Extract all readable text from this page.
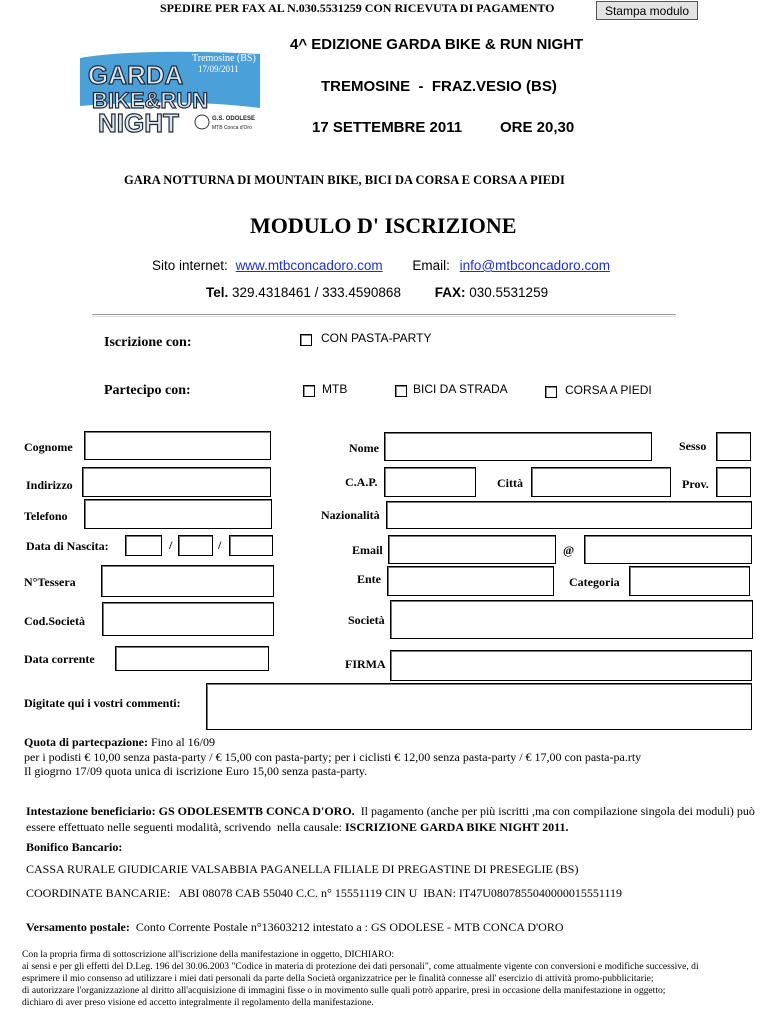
SPEDIRE PER FAX AL N.030.5531259 CON RICEVUTA DI PAGAMENTO	Stampa modulo
GARDA
BIKE&RUN
NIGHT
Tremosine (BS)
17/09/2011
G.S. ODOLESE
MTB Conca d'Oro
4^ EDIZIONE GARDA BIKE & RUN NIGHT
TREMOSINE  -  FRAZ.VESIO (BS)
17 SETTEMBRE 2011	ORE 20,30
GARA NOTTURNA DI MOUNTAIN BIKE, BICI DA CORSA E CORSA A PIEDI
MODULO D' ISCRIZIONE
Sito internet: www.mtbconcadoro.com Email: info@mtbconcadoro.com
Tel. 329.4318461 / 333.4590868	FAX: 030.5531259
Iscrizione con:	CON PASTA-PARTY
Partecipo con:	MTB	BICI DA STRADA	CORSA A PIEDI
Cognome	Nome	Sesso
Indirizzo	C.A.P.	Città	Prov.
Telefono	Nazionalità
Data di Nascita:	/	/	Email	@
N°Tessera	Ente	Categoria
Cod.Società	Società
Data corrente	FIRMA
Digitate qui i vostri commenti:
Quota di partecpazione: Fino al 16/09
per i podisti € 10,00 senza pasta-party / € 15,00 con pasta-party; per i ciclisti € 12,00 senza pasta-party / € 17,00 con pasta-pa.rty
Il giogrno 17/09 quota unica di iscrizione Euro 15,00 senza pasta-party.
Intestazione beneficiario: GS ODOLESEMTB CONCA D'ORO.  Il pagamento (anche per più iscritti ,ma con compilazione singola dei moduli) può essere effettuato nelle seguenti modalità, scrivendo  nella causale: ISCRIZIONE GARDA BIKE NIGHT 2011.
Bonifico Bancario:
CASSA RURALE GIUDICARIE VALSABBIA PAGANELLA FILIALE DI PREGASTINE DI PRESEGLIE (BS)
COORDINATE BANCARIE:   ABI 08078 CAB 55040 C.C. n° 15551119 CIN U  IBAN: IT47U0807855040000015551119
Versamento postale:  Conto Corrente Postale n°13603212 intestato a : GS ODOLESE - MTB CONCA D'ORO
Con la propria firma di sottoscrizione all'iscrizione della manifestazione in oggetto, DICHIARO:
ai sensi e per gli effetti del D.Leg. 196 del 30.06.2003 "Codice in materia di protezione dei dati personali", come attualmente vigente con conversioni e modifiche successive, di
esprimere il mio consenso ad utilizzare i miei dati personali da parte della Società organizzatrice per le finalità connesse all' esercizio di attività promo-pubblicitarie;
di autorizzare l'organizzazione al diritto all'acquisizione di immagini fisse o in movimento sulle quali potrò apparire, presi in occasione della manifestazione in oggetto;
dichiaro di aver preso visione ed accetto integralmente il regolamento della manifestazione.
